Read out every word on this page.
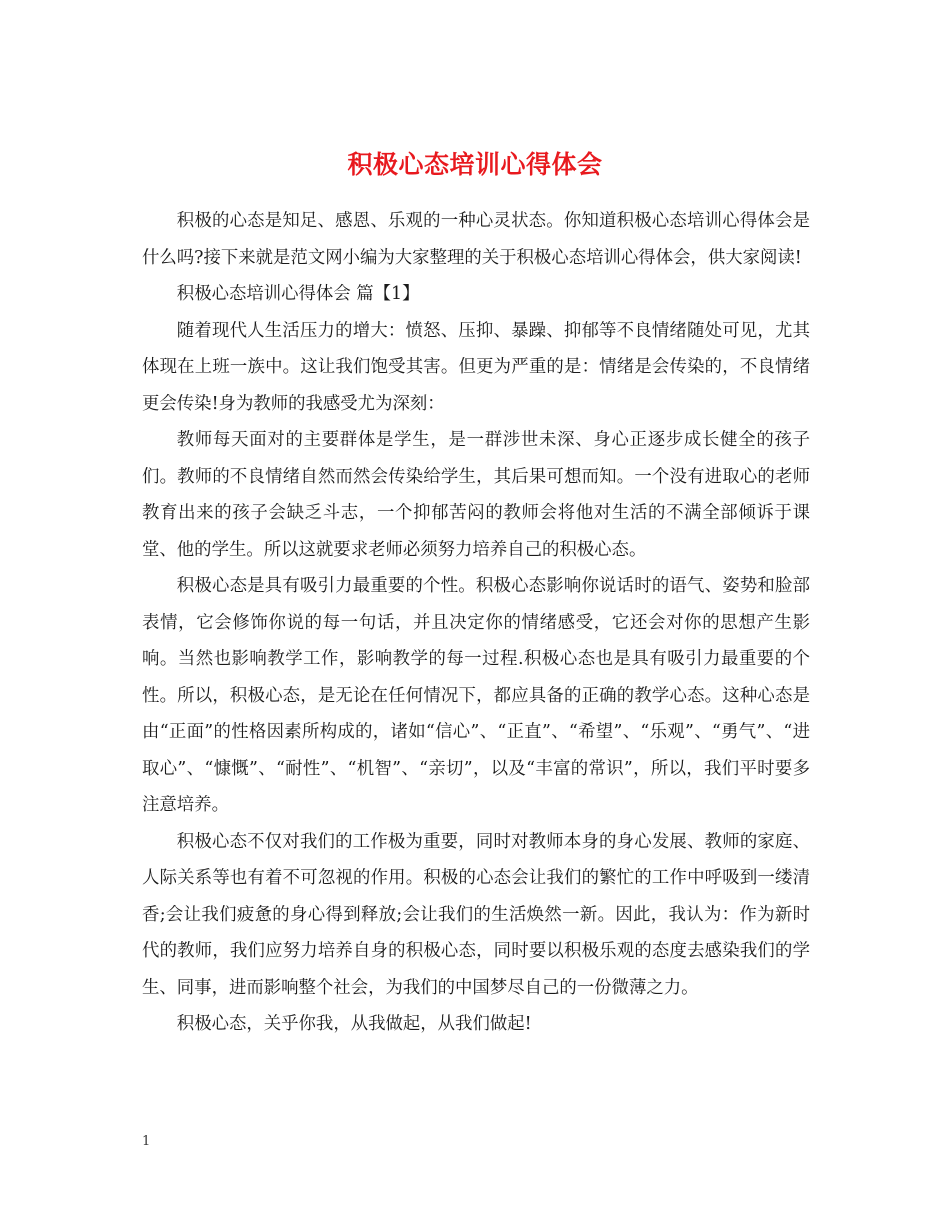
积极心态培训心得体会

积极的心态是知足、感恩、乐观的一种心灵状态。你知道积极心态培训心得体会是什么吗?接下来就是范文网小编为大家整理的关于积极心态培训心得体会，供大家阅读!

积极心态培训心得体会 篇【1】

随着现代人生活压力的增大：愤怒、压抑、暴躁、抑郁等不良情绪随处可见，尤其体现在上班一族中。这让我们饱受其害。但更为严重的是：情绪是会传染的，不良情绪更会传染!身为教师的我感受尤为深刻：

教师每天面对的主要群体是学生，是一群涉世未深、身心正逐步成长健全的孩子们。教师的不良情绪自然而然会传染给学生，其后果可想而知。一个没有进取心的老师教育出来的孩子会缺乏斗志，一个抑郁苦闷的教师会将他对生活的不满全部倾诉于课堂、他的学生。所以这就要求老师必须努力培养自己的积极心态。

积极心态是具有吸引力最重要的个性。积极心态影响你说话时的语气、姿势和脸部表情，它会修饰你说的每一句话，并且决定你的情绪感受，它还会对你的思想产生影响。当然也影响教学工作，影响教学的每一过程.积极心态也是具有吸引力最重要的个性。所以，积极心态，是无论在任何情况下，都应具备的正确的教学心态。这种心态是由“正面”的性格因素所构成的，诸如“信心”、“正直”、“希望”、“乐观”、“勇气”、“进取心”、“慷慨”、“耐性”、“机智”、“亲切”，以及“丰富的常识”，所以，我们平时要多注意培养。

积极心态不仅对我们的工作极为重要，同时对教师本身的身心发展、教师的家庭、人际关系等也有着不可忽视的作用。积极的心态会让我们的繁忙的工作中呼吸到一缕清香;会让我们疲惫的身心得到释放;会让我们的生活焕然一新。因此，我认为：作为新时代的教师，我们应努力培养自身的积极心态，同时要以积极乐观的态度去感染我们的学生、同事，进而影响整个社会，为我们的中国梦尽自己的一份微薄之力。

积极心态，关乎你我，从我做起，从我们做起!

1
